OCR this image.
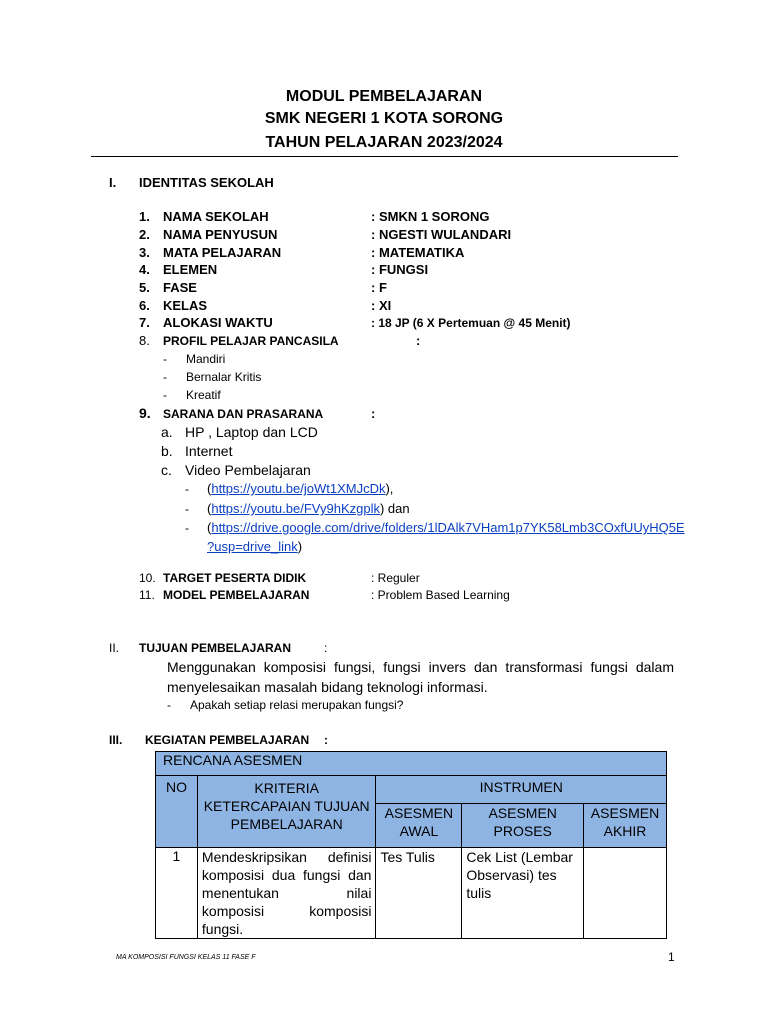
MODUL PEMBELAJARAN
SMK NEGERI 1 KOTA SORONG
TAHUN PELAJARAN 2023/2024
I. IDENTITAS SEKOLAH
1. NAMA SEKOLAH	: SMKN 1 SORONG
2. NAMA PENYUSUN	: NGESTI WULANDARI
3. MATA PELAJARAN	: MATEMATIKA
4. ELEMEN	: FUNGSI
5. FASE	: F
6. KELAS	: XI
7. ALOKASI WAKTU	: 18 JP (6 X Pertemuan @ 45 Menit)
8. PROFIL PELAJAR PANCASILA	:
- Mandiri
- Bernalar Kritis
- Kreatif
9. SARANA DAN PRASARANA	:
a. HP , Laptop dan LCD
b. Internet
c. Video Pembelajaran
- (https://youtu.be/joWt1XMJcDk),
- (https://youtu.be/FVy9hKzgplk) dan
- (https://drive.google.com/drive/folders/1lDAlk7VHam1p7YK58Lmb3COxfUUyHQ5E
?usp=drive_link)
10. TARGET PESERTA DIDIK	: Reguler
11. MODEL PEMBELAJARAN	: Problem Based Learning
II. TUJUAN PEMBELAJARAN	:
Menggunakan komposisi fungsi, fungsi invers dan transformasi fungsi dalam
menyelesaikan masalah bidang teknologi informasi.
- Apakah setiap relasi merupakan fungsi?
III. KEGIATAN PEMBELAJARAN :
RENCANA ASESMEN				
NO	KRITERIA KETERCAPAIAN TUJUAN PEMBELAJARAN	INSTRUMEN		
		ASESMEN AWAL	ASESMEN PROSES	ASESMEN AKHIR
1	Mendeskripsikan definisi komposisi dua fungsi dan menentukan nilai komposisi komposisi fungsi.	Tes Tulis	Cek List (Lembar Observasi) tes tulis	
MA KOMPOSISI FUNGSI KELAS 11 FASE F	1
